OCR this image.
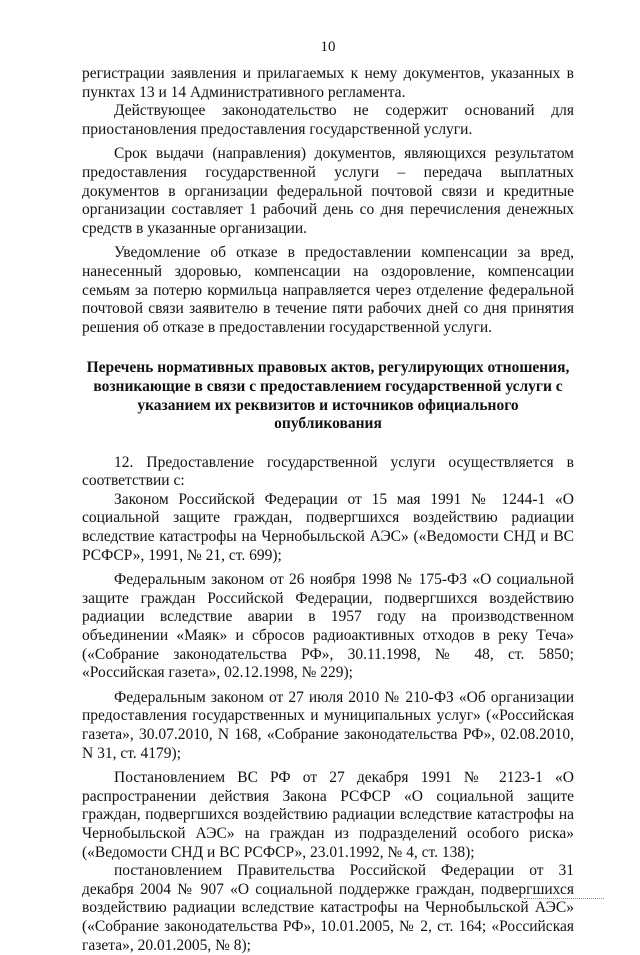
10

регистрации заявления и прилагаемых к нему документов, указанных в пунктах 13 и 14 Административного регламента.

Действующее законодательство не содержит оснований для приостановления предоставления государственной услуги.

Срок выдачи (направления) документов, являющихся результатом предоставления государственной услуги – передача выплатных документов в организации федеральной почтовой связи и кредитные организации составляет 1 рабочий день со дня перечисления денежных средств в указанные организации.

Уведомление об отказе в предоставлении компенсации за вред, нанесенный здоровью, компенсации на оздоровление, компенсации семьям за потерю кормильца направляется через отделение федеральной почтовой связи заявителю в течение пяти рабочих дней со дня принятия решения об отказе в предоставлении государственной услуги.

Перечень нормативных правовых актов, регулирующих отношения, возникающие в связи с предоставлением государственной услуги с указанием их реквизитов и источников официального опубликования

12. Предоставление государственной услуги осуществляется в соответствии с:

Законом Российской Федерации от 15 мая 1991 № 1244-1 «О социальной защите граждан, подвергшихся воздействию радиации вследствие катастрофы на Чернобыльской АЭС» («Ведомости СНД и ВС РСФСР», 1991, № 21, ст. 699);

Федеральным законом от 26 ноября 1998 № 175-ФЗ «О социальной защите граждан Российской Федерации, подвергшихся воздействию радиации вследствие аварии в 1957 году на производственном объединении «Маяк» и сбросов радиоактивных отходов в реку Теча» («Собрание законодательства РФ», 30.11.1998, № 48, ст. 5850; «Российская газета», 02.12.1998, № 229);

Федеральным законом от 27 июля 2010 № 210-ФЗ «Об организации предоставления государственных и муниципальных услуг» («Российская газета», 30.07.2010, N 168, «Собрание законодательства РФ», 02.08.2010, N 31, ст. 4179);

Постановлением ВС РФ от 27 декабря 1991 № 2123-1 «О распространении действия Закона РСФСР «О социальной защите граждан, подвергшихся воздействию радиации вследствие катастрофы на Чернобыльской АЭС» на граждан из подразделений особого риска» («Ведомости СНД и ВС РСФСР», 23.01.1992, № 4, ст. 138);

постановлением Правительства Российской Федерации от 31 декабря 2004 № 907 «О социальной поддержке граждан, подвергшихся воздействию радиации вследствие катастрофы на Чернобыльской АЭС» («Собрание законодательства РФ», 10.01.2005, № 2, ст. 164; «Российская газета», 20.01.2005, № 8);
